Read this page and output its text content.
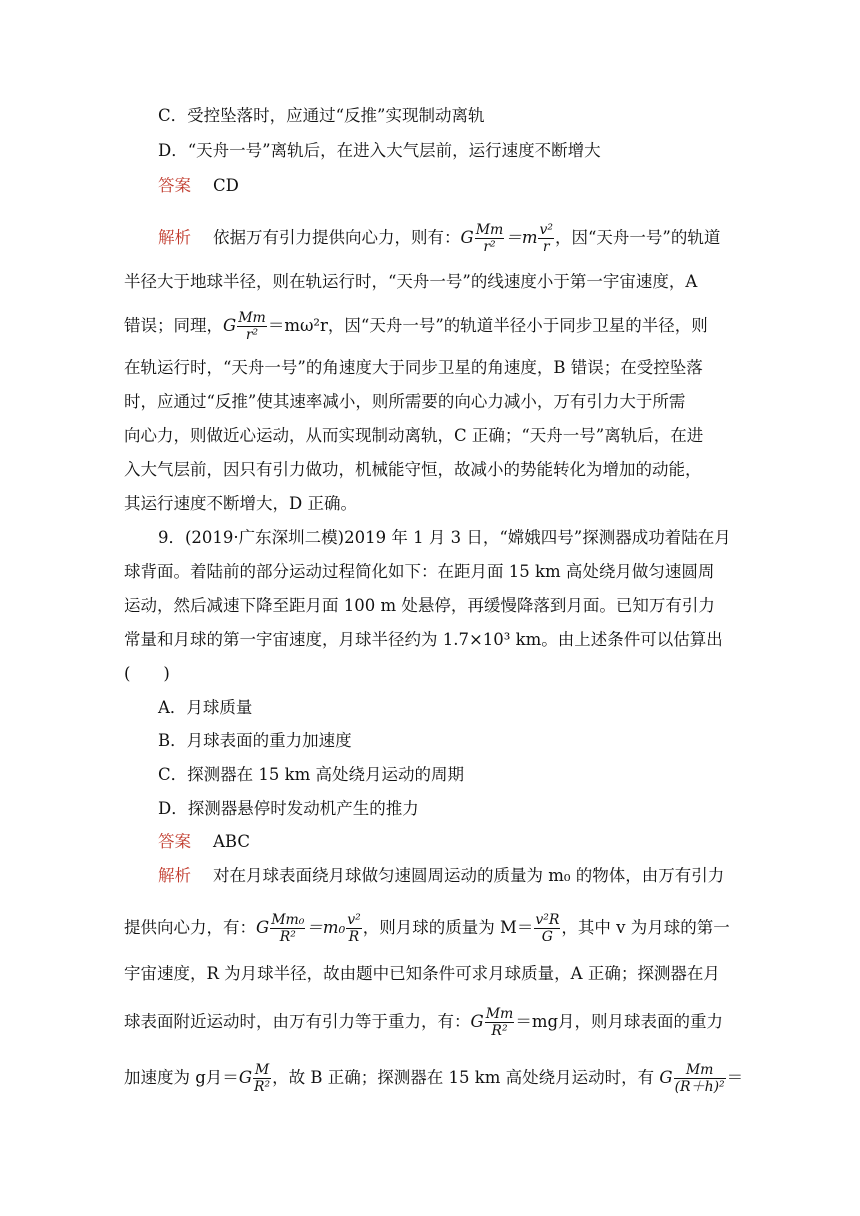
C．受控坠落时，应通过“反推”实现制动离轨
D．“天舟一号”离轨后，在进入大气层前，运行速度不断增大
答案 CD
解析 依据万有引力提供向心力，则有：G $\frac{Mm}{\text{r²}} =m \frac{\text{v²}}{r}$ ，因“天舟一号”的轨道
半径大于地球半径，则在轨运行时，“天舟一号”的线速度小于第一宇宙速度，A
错误；同理，G $\frac{Mm}{\text{r²}} =m\omega^2r$，因“天舟一号”的轨道半径小于同步卫星的半径，则
在轨运行时，“天舟一号”的角速度大于同步卫星的角速度，B 错误；在受控坠落
时，应通过“反推”使其速率减小，则所需要的向心力减小，万有引力大于所需
向心力，则做近心运动，从而实现制动离轨，C 正确；“天舟一号”离轨后，在进
入大气层前，因只有引力做功，机械能守恒，故减小的势能转化为增加的动能，
其运行速度不断增大，D 正确。
9．(2019·广东深圳二模)2019 年 1 月 3 日，“嫦娥四号”探测器成功着陆在月
球背面。着陆前的部分运动过程简化如下：在距月面 15 km 高处绕月做匀速圆周
运动，然后减速下降至距月面 100 m 处悬停，再缓慢降落到月面。已知万有引力
常量和月球的第一宇宙速度，月球半径约为 1.7×10³ km。由上述条件可以估算出
(　　)
A．月球质量
B．月球表面的重力加速度
C．探测器在 15 km 高处绕月运动的周期
D．探测器悬停时发动机产生的推力
答案 ABC
解析 对在月球表面绕月球做匀速圆周运动的质量为 m₀ 的物体，由万有引力
提供向心力，有：G $\frac{\text{Mm₀}}{\text{R²}} =m_0 \frac{\text{v²}}{R}$ ，则月球的质量为 $M= \frac{\text{v²R}}{G}$ ，其中 v 为月球的第一
宇宙速度，R 为月球半径，故由题中已知条件可求月球质量，A 正确；探测器在月
球表面附近运动时，由万有引力等于重力，有：G $\frac{Mm}{\text{R²}} =mg$月，则月球表面的重力
加速度为 g月$=G \frac{M}{\text{R²}}$ ，故 B 正确；探测器在 15 km 高处绕月运动时，有 G $\frac{Mm}{\text{(R＋h)²}}$ ＝
